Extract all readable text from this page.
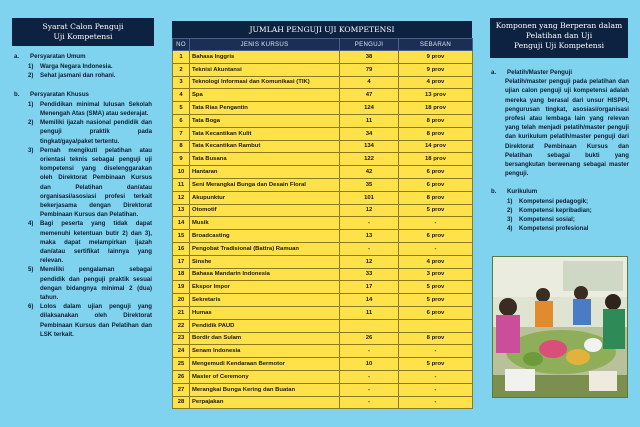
Syarat Calon Penguji
Uji Kompetensi
a.	Persyaratan Umum
1)	Warga Negara Indonesia.
2)	Sehat jasmani dan rohani.
b.	Persyaratan Khusus
1)	Pendidikan minimal lulusan Sekolah Menengah Atas (SMA) atau sederajat.
2)	Memiliki ijazah nasional pendidik dan penguji praktik pada tingkat/gaya/paket tertentu.
3)	Pernah mengikuti pelatihan atau orientasi teknis sebagai penguji uji kompetensi yang diselenggarakan oleh Direktorat Pembinaan Kursus dan Pelatihan dan/atau organisasi/asosiasi profesi terkait bekerjasama dengan Direktorat Pembinaan Kursus dan Pelatihan.
4)	Bagi peserta yang tidak dapat memenuhi ketentuan butir 2) dan 3), maka dapat melampirkan ijazah dan/atau sertifikat lainnya yang relevan.
5)	Memiliki pengalaman sebagai pendidik dan penguji praktik sesuai dengan bidangnya minimal 2 (dua) tahun.
6)	Lolos dalam ujian penguji yang dilaksanakan oleh Direktorat Pembinaan Kursus dan Pelatihan dan LSK terkait.
JUMLAH PENGUJI UJI KOMPETENSI
NO	JENIS KURSUS	PENGUJI	SEBARAN
1	Bahasa Inggris	38	9 prov
2	Teknisi Akuntansi	79	9 prov
3	Teknologi Informasi dan Komunikasi (TIK)	4	4 prov
4	Spa	47	13 prov
5	Tata Rias Pengantin	124	18 prov
6	Tata Boga	11	8 prov
7	Tata Kecantikan Kulit	34	8 prov
8	Tata Kecantikan Rambut	134	14 prov
9	Tata Busana	122	18 prov
10	Hantaran	42	6 prov
11	Seni Merangkai Bunga dan Desain Floral	35	6 prov
12	Akupunktur	101	8 prov
13	Otomotif	12	5 prov
14	Musik	-	-
15	Broadcasting	13	6 prov
16	Pengobat Tradisional (Battra) Ramuan	-	-
17	Sinshe	12	4 prov
18	Bahasa Mandarin Indonesia	33	3 prov
19	Ekspor Impor	17	5 prov
20	Sekretaris	14	5 prov
21	Humas	11	6 prov
22	Pendidik PAUD		
23	Bordir dan Sulam	26	8 prov
24	Senam Indonesia	-	-
25	Mengemudi Kendaraan Bermotor	10	5 prov
26	Master of Ceremony	-	-
27	Merangkai Bunga Kering dan Buatan	-	-
28	Perpajakan	-	-
Komponen yang Berperan dalam
Pelatihan dan Uji
Penguji Uji Kompetensi
a.	Pelatih/Master Penguji
Pelatih/master penguji pada pelatihan dan ujian calon penguji uji kompetensi adalah mereka yang berasal dari unsur HISPPI, pengurusan tingkat, asosiasi/organisasi profesi atau lembaga lain yang relevan yang telah menjadi pelatih/master penguji dan kurikulum pelatih/master penguji dari Direktorat Pembinaan Kursus dan Pelatihan sebagai bukti yang bersangkutan berwenang sebagai master penguji.
b.	Kurikulum
1)	Kompetensi pedagogik;
2)	Kompetensi kepribadian;
3)	Kompetensi sosial;
4)	Kompetensi profesional
